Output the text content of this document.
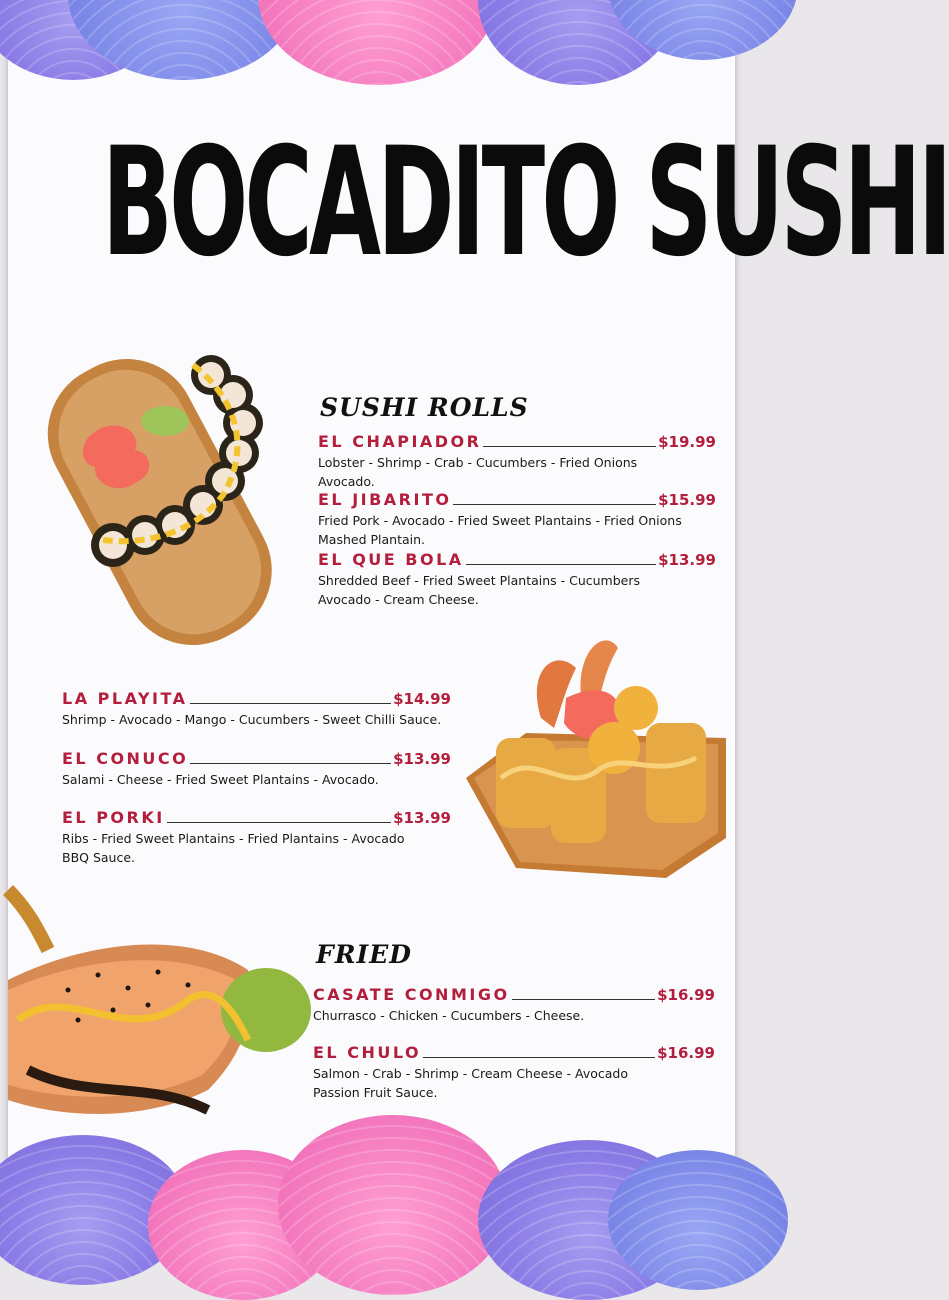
BOCADITO SUSHI
SUSHI ROLLS
EL CHAPIADOR	$19.99
Lobster - Shrimp - Crab - Cucumbers - Fried Onions
Avocado.
EL JIBARITO	$15.99
Fried Pork - Avocado - Fried Sweet Plantains - Fried Onions
Mashed Plantain.
EL QUE BOLA	$13.99
Shredded Beef - Fried Sweet Plantains - Cucumbers
Avocado - Cream Cheese.
LA PLAYITA	$14.99
Shrimp - Avocado - Mango - Cucumbers - Sweet Chilli Sauce.
EL CONUCO	$13.99
Salami - Cheese - Fried Sweet Plantains - Avocado.
EL PORKI	$13.99
Ribs - Fried Sweet Plantains - Fried Plantains - Avocado
BBQ Sauce.
FRIED
CASATE CONMIGO	$16.99
Churrasco - Chicken - Cucumbers - Cheese.
EL CHULO	$16.99
Salmon - Crab - Shrimp - Cream Cheese - Avocado
Passion Fruit Sauce.
